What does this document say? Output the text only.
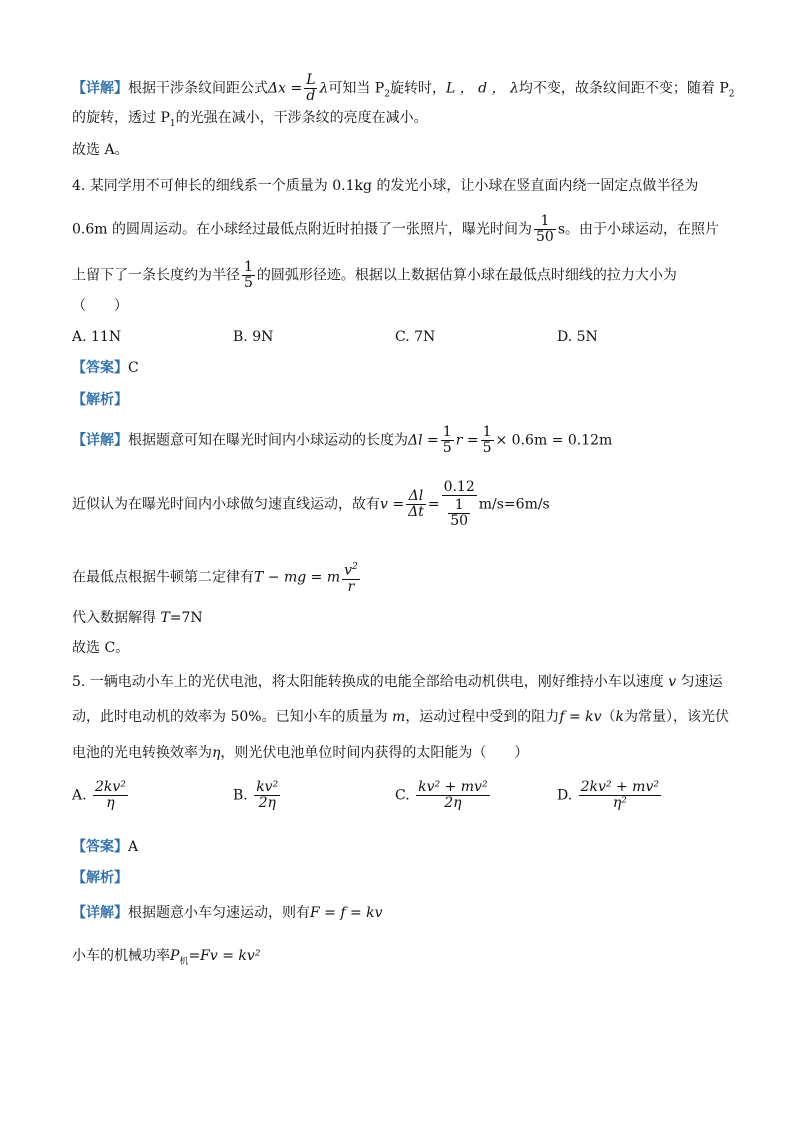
【详解】根据干涉条纹间距公式$\Delta x = \frac{L}{d}$ λ可知当 $P_2$旋转时，L ， d ， λ均不变，故条纹间距不变；随着 $P_2$
的旋转，透过 $P_1$的光强在减小，干涉条纹的亮度在减小。
故选 A。
4. 某同学用不可伸长的细线系一个质量为 0.1kg 的发光小球，让小球在竖直面内绕一固定点做半径为
0.6m 的圆周运动。在小球经过最低点附近时拍摄了一张照片，曝光时间为 $\frac{1}{50}$ s。由于小球运动，在照片
上留下了一条长度约为半径 $\frac{1}{5}$ 的圆弧形径迹。根据以上数据估算小球在最低点时细线的拉力大小为
（　　）
A. 11N	B. 9N	C. 7N	D. 5N
【答案】C
【解析】
【详解】根据题意可知在曝光时间内小球运动的长度为$\Delta l = \frac{1}{5}$ $r = \frac{1}{5} \times 0.6m = 0.12m$
近似认为在曝光时间内小球做匀速直线运动，故有$v = \frac{\Delta l}{\Delta t} = \frac{0.12}{\frac{1}{50}} m/s=6m/s$
在最低点根据牛顿第二定律有T − mg = m $\frac{v^2}{r}$
代入数据解得 T=7N
故选 C。
5. 一辆电动小车上的光伏电池，将太阳能转换成的电能全部给电动机供电，刚好维持小车以速度 v 匀速运
动，此时电动机的效率为 50%。已知小车的质量为 m，运动过程中受到的阻力f = kv（k为常量），该光伏
电池的光电转换效率为η，则光伏电池单位时间内获得的太阳能为（　　）
A. $\frac{\text{2kv²}}{\eta}$	B. $\frac{\text{kv²}}{2\eta}$	C. $\frac{\text{kv² + mv²}}{2\eta}$	D. $\frac{\text{2kv² + mv²}}{\text{η²}}$
【答案】A
【解析】
【详解】根据题意小车匀速运动，则有F = f = kv
小车的机械功率$P_机=Fv = kv^2$
